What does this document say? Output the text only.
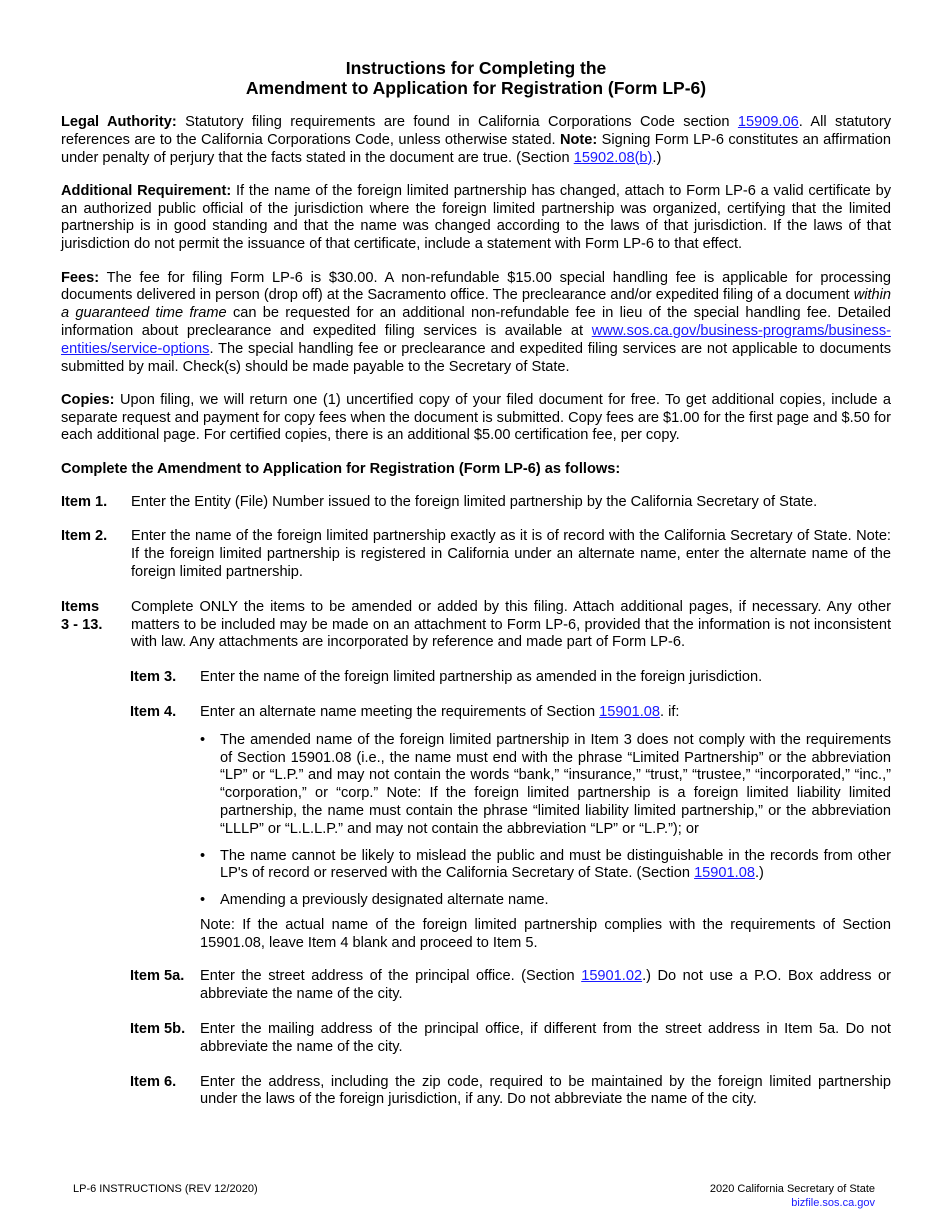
Instructions for Completing the
Amendment to Application for Registration (Form LP-6)

Legal Authority: Statutory filing requirements are found in California Corporations Code section 15909.06. All statutory references are to the California Corporations Code, unless otherwise stated. Note: Signing Form LP-6 constitutes an affirmation under penalty of perjury that the facts stated in the document are true. (Section 15902.08(b).)

Additional Requirement: If the name of the foreign limited partnership has changed, attach to Form LP-6 a valid certificate by an authorized public official of the jurisdiction where the foreign limited partnership was organized, certifying that the limited partnership is in good standing and that the name was changed according to the laws of that jurisdiction. If the laws of that jurisdiction do not permit the issuance of that certificate, include a statement with Form LP-6 to that effect.

Fees: The fee for filing Form LP-6 is $30.00. A non-refundable $15.00 special handling fee is applicable for processing documents delivered in person (drop off) at the Sacramento office. The preclearance and/or expedited filing of a document within a guaranteed time frame can be requested for an additional non-refundable fee in lieu of the special handling fee. Detailed information about preclearance and expedited filing services is available at www.sos.ca.gov/business-programs/business-entities/service-options. The special handling fee or preclearance and expedited filing services are not applicable to documents submitted by mail. Check(s) should be made payable to the Secretary of State.

Copies: Upon filing, we will return one (1) uncertified copy of your filed document for free. To get additional copies, include a separate request and payment for copy fees when the document is submitted. Copy fees are $1.00 for the first page and $.50 for each additional page. For certified copies, there is an additional $5.00 certification fee, per copy.

Complete the Amendment to Application for Registration (Form LP-6) as follows:
Item 1.	Enter the Entity (File) Number issued to the foreign limited partnership by the California Secretary of State.
Item 2.	Enter the name of the foreign limited partnership exactly as it is of record with the California Secretary of State. Note: If the foreign limited partnership is registered in California under an alternate name, enter the alternate name of the foreign limited partnership.
Items
3 - 13.
Complete ONLY the items to be amended or added by this filing. Attach additional pages, if necessary. Any other matters to be included may be made on an attachment to Form LP-6, provided that the information is not inconsistent with law. Any attachments are incorporated by reference and made part of Form LP-6.
Item 3.	Enter the name of the foreign limited partnership as amended in the foreign jurisdiction.
Item 4.	Enter an alternate name meeting the requirements of Section 15901.08. if:
• The amended name of the foreign limited partnership in Item 3 does not comply with the requirements of Section 15901.08 (i.e., the name must end with the phrase “Limited Partnership” or the abbreviation “LP” or “L.P.” and may not contain the words “bank,” “insurance,” “trust,” “trustee,” “incorporated,” “inc.,” “corporation,” or “corp.” Note: If the foreign limited partnership is a foreign limited liability limited partnership, the name must contain the phrase “limited liability limited partnership,” or the abbreviation “LLLP” or “L.L.L.P.” and may not contain the abbreviation “LP” or “L.P.”); or
• The name cannot be likely to mislead the public and must be distinguishable in the records from other LP's of record or reserved with the California Secretary of State. (Section 15901.08.)
• Amending a previously designated alternate name.
Note: If the actual name of the foreign limited partnership complies with the requirements of Section 15901.08, leave Item 4 blank and proceed to Item 5.
Item 5a.	Enter the street address of the principal office. (Section 15901.02.) Do not use a P.O. Box address or abbreviate the name of the city.
Item 5b.	Enter the mailing address of the principal office, if different from the street address in Item 5a. Do not abbreviate the name of the city.
Item 6.	Enter the address, including the zip code, required to be maintained by the foreign limited partnership under the laws of the foreign jurisdiction, if any. Do not abbreviate the name of the city.
LP-6 INSTRUCTIONS (REV 12/2020)	2020 California Secretary of State
bizfile.sos.ca.gov
